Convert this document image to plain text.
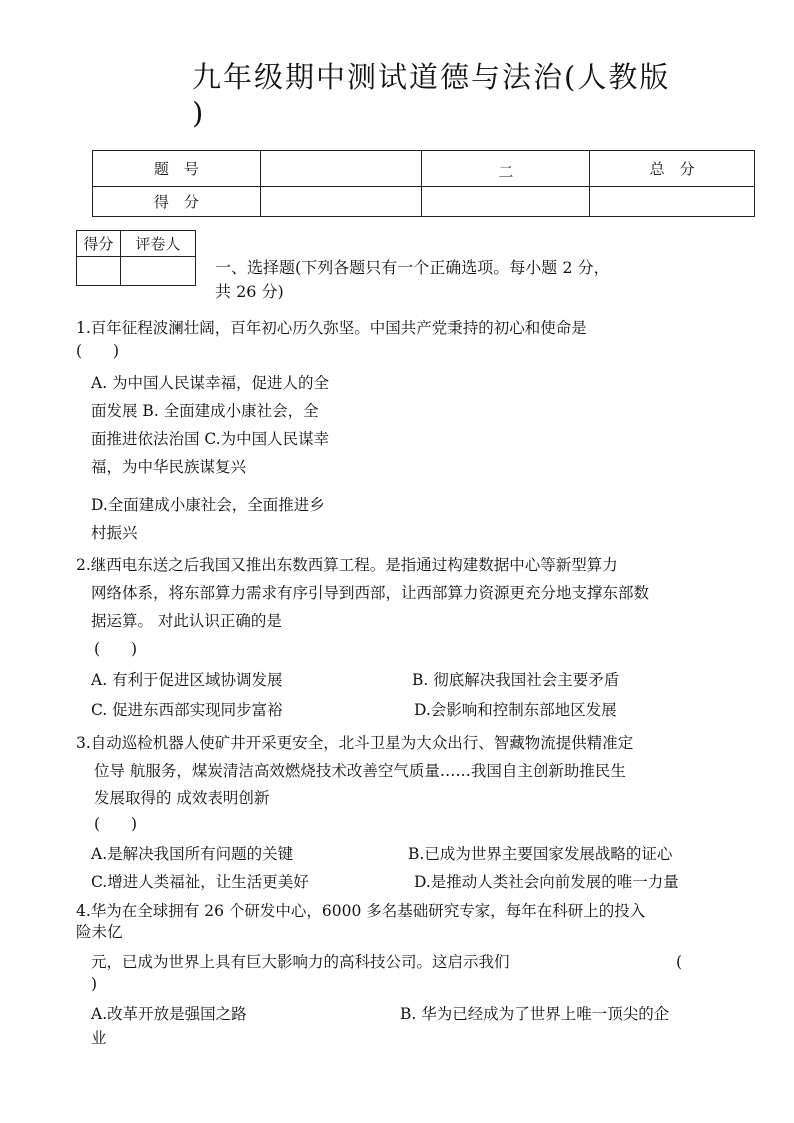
九年级期中测试道德与法治(人教版
)
题　号		二	总　分
得　分			
得分	评卷人

一、选择题(下列各题只有一个正确选项。每小题 2 分，
共 26 分)
1.百年征程波澜壮阔，百年初心历久弥坚。中国共产党秉持的初心和使命是
(　　)
A. 为中国人民谋幸福，促进人的全
面发展 B. 全面建成小康社会，全
面推进依法治国 C.为中国人民谋幸
福，为中华民族谋复兴
D.全面建成小康社会，全面推进乡
村振兴
2.继西电东送之后我国又推出东数西算工程。是指通过构建数据中心等新型算力
网络体系，将东部算力需求有序引导到西部，让西部算力资源更充分地支撑东部数
据运算。 对此认识正确的是
(　　)
A. 有利于促进区域协调发展	B. 彻底解决我国社会主要矛盾
C. 促进东西部实现同步富裕	D.会影响和控制东部地区发展
3.自动巡检机器人使矿井开采更安全，北斗卫星为大众出行、智藏物流提供精准定
位导 航服务，煤炭清洁高效燃烧技术改善空气质量……我国自主创新助推民生
发展取得的 成效表明创新
(　　)
A.是解决我国所有问题的关键	B.已成为世界主要国家发展战略的证心
C.增进人类福祉，让生活更美好	D.是推动人类社会向前发展的唯一力量
4.华为在全球拥有 26 个研发中心，6000 多名基础研究专家，每年在科研上的投入
险未亿
元，已成为世界上具有巨大影响力的高科技公司。这启示我们	(
)
A.改革开放是强国之路	B. 华为已经成为了世界上唯一顶尖的企
业
